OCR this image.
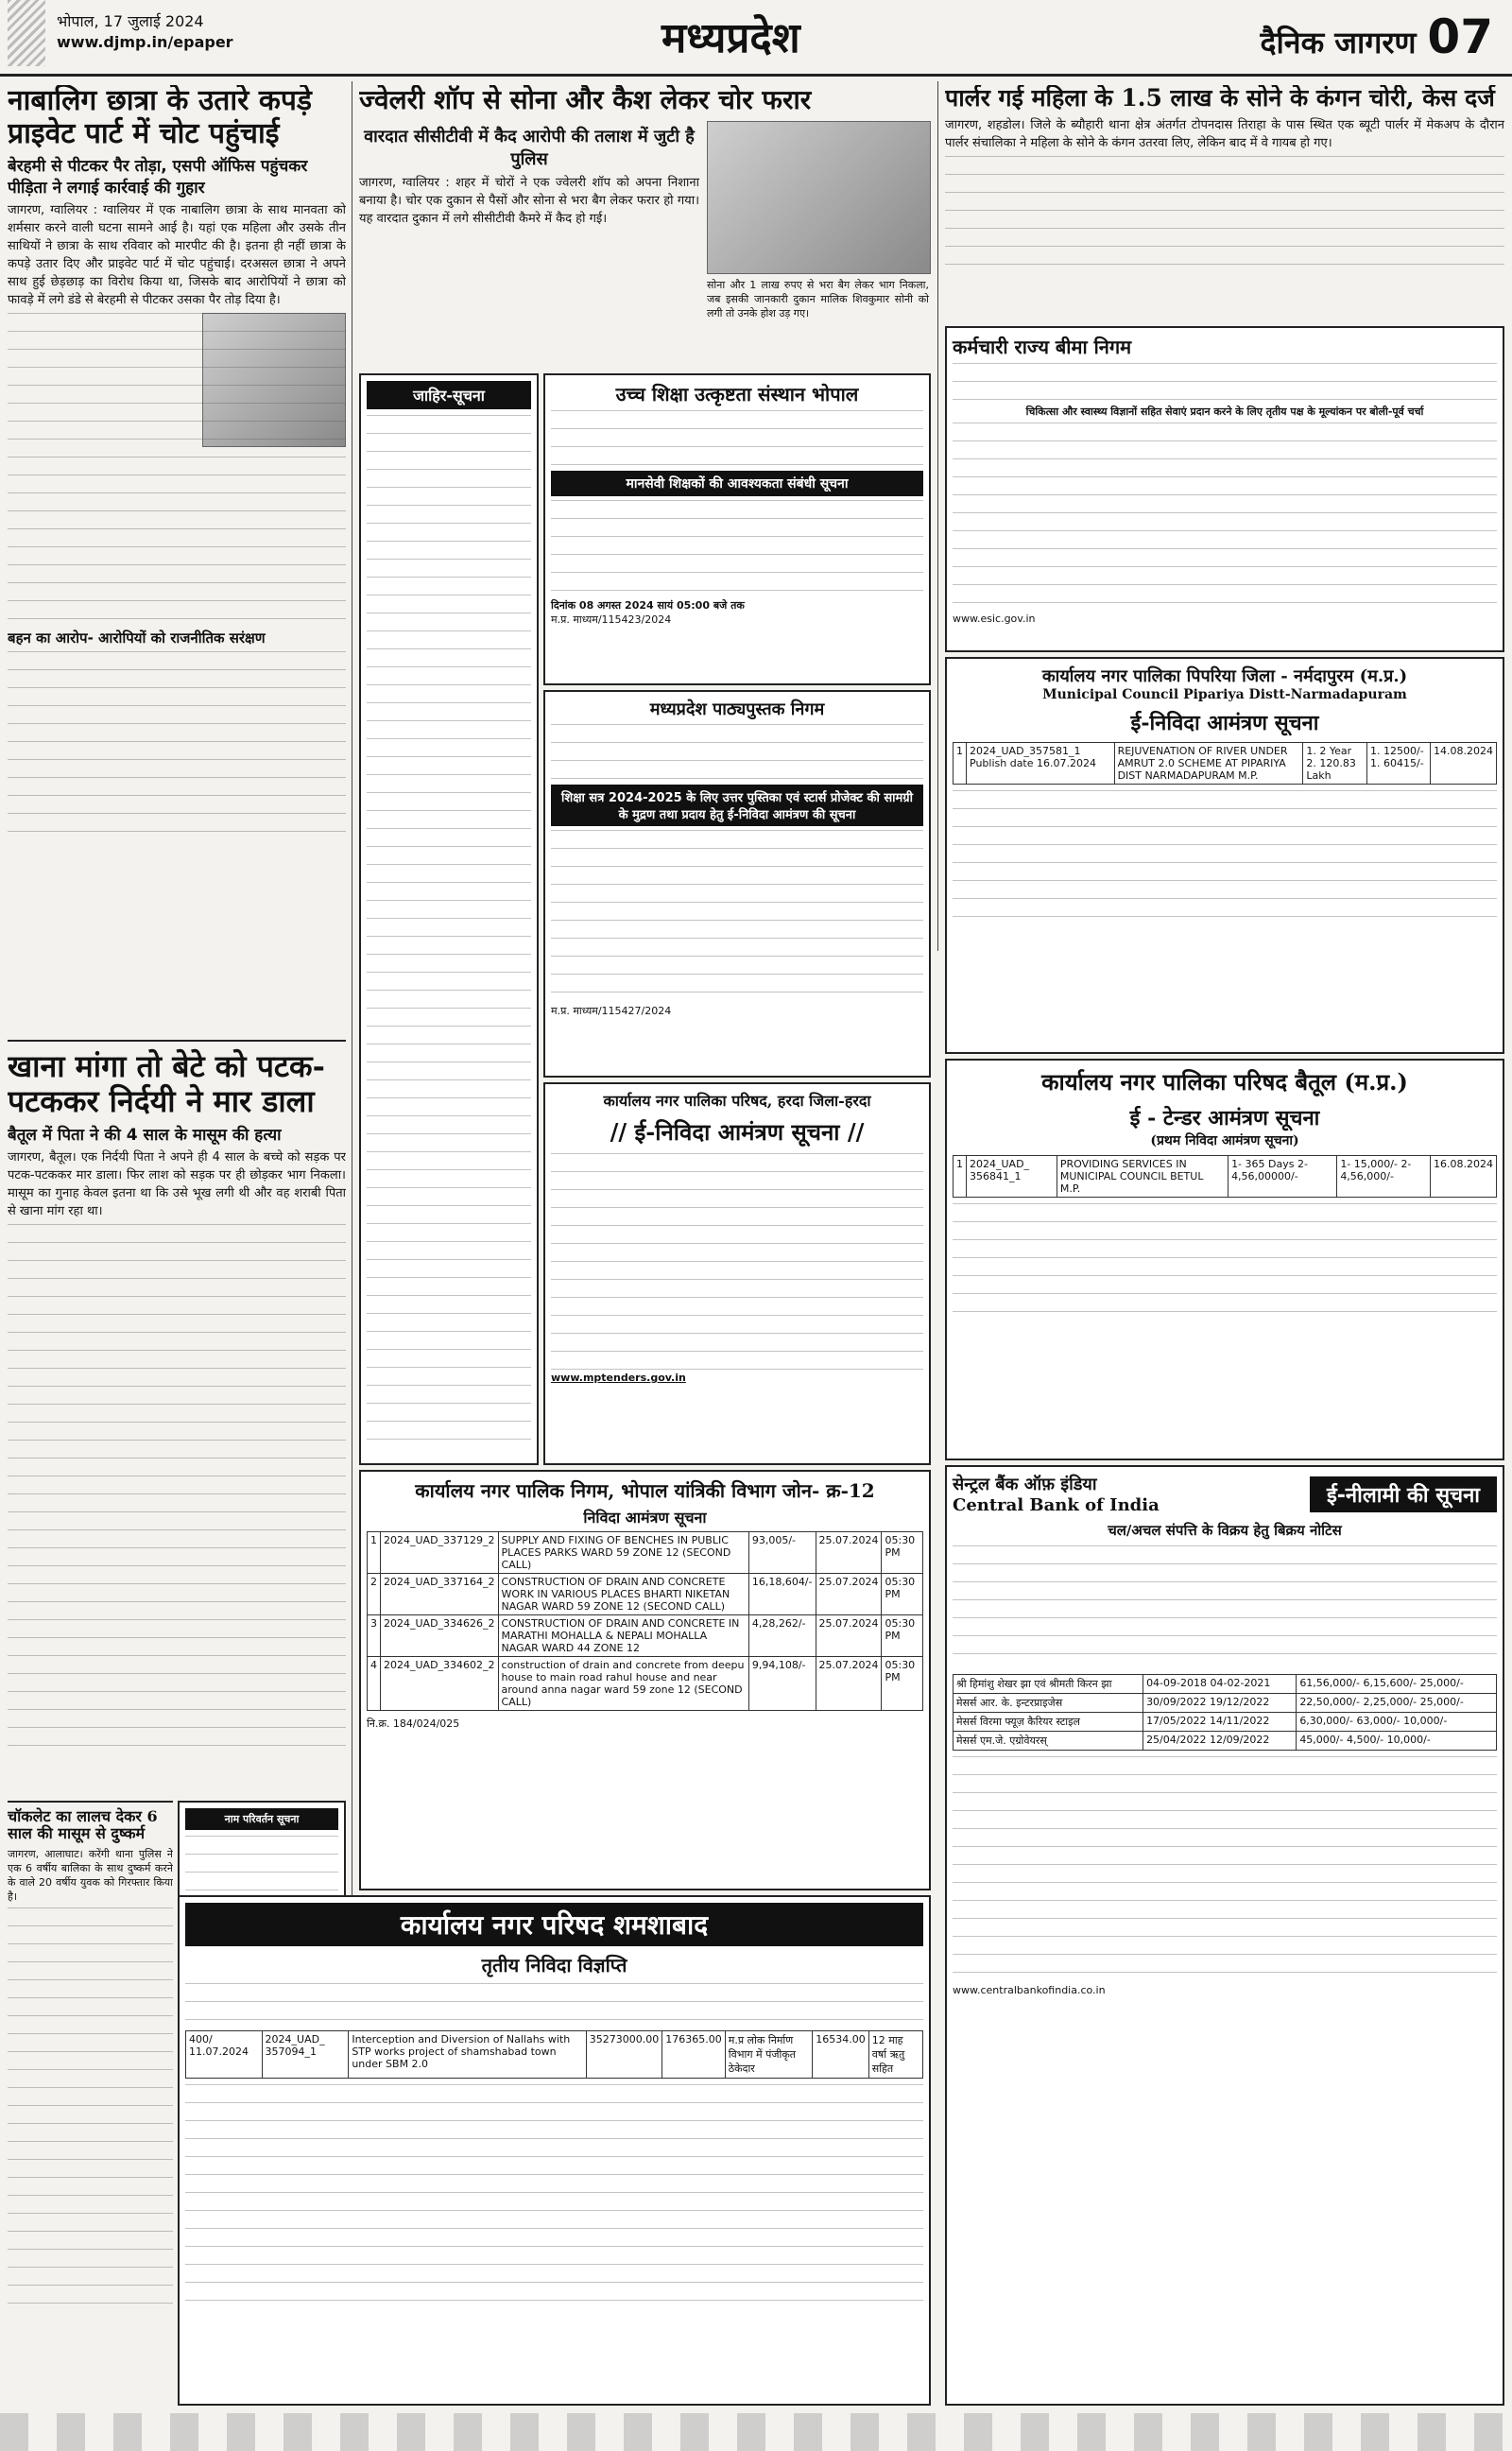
भोपाल, 17 जुलाई 2024
www.djmp.in/epaper	मध्यप्रदेश	दैनिक जागरण 07
नाबालिग छात्रा के उतारे कपड़े प्राइवेट पार्ट में चोट पहुंचाई
बेरहमी से पीटकर पैर तोड़ा, एसपी ऑफिस पहुंचकर पीड़िता ने लगाई कार्रवाई की गुहार

जागरण, ग्वालियर : ग्वालियर में एक नाबालिग छात्रा के साथ मानवता को शर्मसार करने वाली घटना सामने आई है। यहां एक महिला और उसके तीन साथियों ने छात्रा के साथ रविवार को मारपीट की है। इतना ही नहीं छात्रा के कपड़े उतार दिए और प्राइवेट पार्ट में चोट पहुंचाई। दरअसल छात्रा ने अपने साथ हुई छेड़छाड़ का विरोध किया था, जिसके बाद आरोपियों ने छात्रा को फावड़े में लगे डंडे से बेरहमी से पीटकर उसका पैर तोड़ दिया है।

बहन का आरोप- आरोपियों को राजनीतिक सरंक्षण
खाना मांगा तो बेटे को पटक-पटककर निर्दयी ने मार डाला
बैतूल में पिता ने की 4 साल के मासूम की हत्या

जागरण, बैतूल। एक निर्दयी पिता ने अपने ही 4 साल के बच्चे को सड़क पर पटक-पटककर मार डाला। फिर लाश को सड़क पर ही छोड़कर भाग निकला। मासूम का गुनाह केवल इतना था कि उसे भूख लगी थी और वह शराबी पिता से खाना मांग रहा था।

चॉकलेट का लालच देकर 6 साल की मासूम से दुष्कर्म

जागरण, आलाघाट। करेंगी थाना पुलिस ने एक 6 वर्षीय बालिका के साथ दुष्कर्म करने के वाले 20 वर्षीय युवक को गिरफ्तार किया है।

नाम परिवर्तन सूचना
ज्वेलरी शॉप से सोना और कैश लेकर चोर फरार
वारदात सीसीटीवी में कैद आरोपी की तलाश में जुटी है पुलिस

जागरण, ग्वालियर : शहर में चोरों ने एक ज्वेलरी शॉप को अपना निशाना बनाया है। चोर एक दुकान से पैसों और सोना से भरा बैग लेकर फरार हो गया। यह वारदात दुकान में लगे सीसीटीवी कैमरे में कैद हो गई।

सोना और 1 लाख रुपए से भरा बैग लेकर भाग निकला, जब इसकी जानकारी दुकान मालिक शिवकुमार सोनी को लगी तो उनके होश उड़ गए।

जाहिर-सूचना	उच्च शिक्षा उत्कृष्टता संस्थान भोपाल
मानसेवी शिक्षकों की आवश्यकता संबंधी सूचना
दिनांक 08 अगस्त 2024 सायं 05:00 बजे तक
म.प्र. माध्यम/115423/2024
मध्यप्रदेश पाठ्यपुस्तक निगम
शिक्षा सत्र 2024-2025 के लिए उत्तर पुस्तिका एवं स्टार्स प्रोजेक्ट की सामग्री के मुद्रण तथा प्रदाय हेतु ई-निविदा आमंत्रण की सूचना
म.प्र. माध्यम/115427/2024
कार्यालय नगर पालिका परिषद, हरदा जिला-हरदा
// ई-निविदा आमंत्रण सूचना //
www.mptenders.gov.in
पार्लर गई महिला के 1.5 लाख के सोने के कंगन चोरी, केस दर्ज

जागरण, शहडोल। जिले के ब्यौहारी थाना क्षेत्र अंतर्गत टोपनदास तिराहा के पास स्थित एक ब्यूटी पार्लर में मेकअप के दौरान पार्लर संचालिका ने महिला के सोने के कंगन उतरवा लिए, लेकिन बाद में वे गायब हो गए।

कर्मचारी राज्य बीमा निगम
चिकित्सा और स्वास्थ्य विज्ञानों सहित सेवाएं प्रदान करने के लिए तृतीय पक्ष के मूल्यांकन पर बोली-पूर्व चर्चा
www.esic.gov.in
कार्यालय नगर पालिका पिपरिया जिला - नर्मदापुरम (म.प्र.)
Municipal Council Pipariya Distt-Narmadapuram
ई-निविदा आमंत्रण सूचना
1	2024_UAD_357581_1 Publish date 16.07.2024	REJUVENATION OF RIVER UNDER AMRUT 2.0 SCHEME AT PIPARIYA DIST NARMADAPURAM M.P.	1. 2 Year 2. 120.83 Lakh	1. 12500/- 1. 60415/-	14.08.2024
कार्यालय नगर पालिका परिषद बैतूल (म.प्र.)
ई - टेन्डर आमंत्रण सूचना
(प्रथम निविदा आमंत्रण सूचना)
1	2024_UAD_ 356841_1	PROVIDING SERVICES IN MUNICIPAL COUNCIL BETUL M.P.	1- 365 Days 2- 4,56,00000/-	1- 15,000/- 2- 4,56,000/-	16.08.2024
कार्यालय नगर पालिक निगम, भोपाल यांत्रिकी विभाग जोन- क्र-12
निविदा आमंत्रण सूचना
1	2024_UAD_337129_2	SUPPLY AND FIXING OF BENCHES IN PUBLIC PLACES PARKS WARD 59 ZONE 12 (SECOND CALL)	93,005/-	25.07.2024	05:30 PM
2	2024_UAD_337164_2	CONSTRUCTION OF DRAIN AND CONCRETE WORK IN VARIOUS PLACES BHARTI NIKETAN NAGAR WARD 59 ZONE 12 (SECOND CALL)	16,18,604/-	25.07.2024	05:30 PM
3	2024_UAD_334626_2	CONSTRUCTION OF DRAIN AND CONCRETE IN MARATHI MOHALLA & NEPALI MOHALLA NAGAR WARD 44 ZONE 12	4,28,262/-	25.07.2024	05:30 PM
4	2024_UAD_334602_2	construction of drain and concrete from deepu house to main road rahul house and near around anna nagar ward 59 zone 12 (SECOND CALL)	9,94,108/-	25.07.2024	05:30 PM
नि.क्र. 184/024/025
कार्यालय नगर परिषद शमशाबाद
तृतीय निविदा विज्ञप्ति
400/ 11.07.2024	2024_UAD_ 357094_1	Interception and Diversion of Nallahs with STP works project of shamshabad town under SBM 2.0	35273000.00	176365.00	म.प्र लोक निर्माण विभाग में पंजीकृत ठेकेदार	16534.00	12 माह वर्षा ऋतु सहित
सेन्ट्रल बैंक ऑफ़ इंडिया
Central Bank of India	ई-नीलामी की सूचना
चल/अचल संपत्ति के विक्रय हेतु बिक्रय नोटिस
श्री हिमांशु शेखर झा एवं श्रीमती किरन झा	04-09-2018 04-02-2021	61,56,000/- 6,15,600/- 25,000/-
मेसर्स आर. के. इन्टरप्राइजेस	30/09/2022 19/12/2022	22,50,000/- 2,25,000/- 25,000/-
मेसर्स विरमा फ्यूज़ कैरियर स्टाइल	17/05/2022 14/11/2022	6,30,000/- 63,000/- 10,000/-
मेसर्स एम.जे. एग्रोवेयरस्	25/04/2022 12/09/2022	45,000/- 4,500/- 10,000/-
www.centralbankofindia.co.in
